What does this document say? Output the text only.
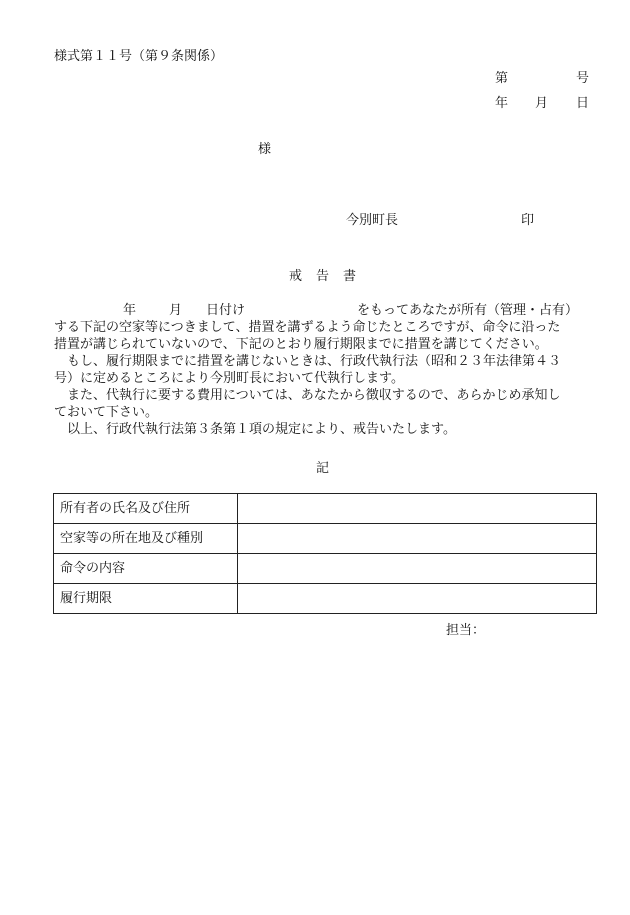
様式第１１号（第９条関係）
第	号
年 月 日
様
今別町長	印
戒 告 書

年	月 日付け	をもってあなたが所有（管理・占有）

する下記の空家等につきまして、措置を講ずるよう命じたところですが、命令に沿った

措置が講じられていないので、下記のとおり履行期限までに措置を講じてください。

　もし、履行期限までに措置を講じないときは、行政代執行法（昭和２３年法律第４３

号）に定めるところにより今別町長において代執行します。

　また、代執行に要する費用については、あなたから徴収するので、あらかじめ承知し

ておいて下さい。

　以上、行政代執行法第３条第１項の規定により、戒告いたします。

記
所有者の氏名及び住所	
空家等の所在地及び種別	
命令の内容	
履行期限	
担当：
